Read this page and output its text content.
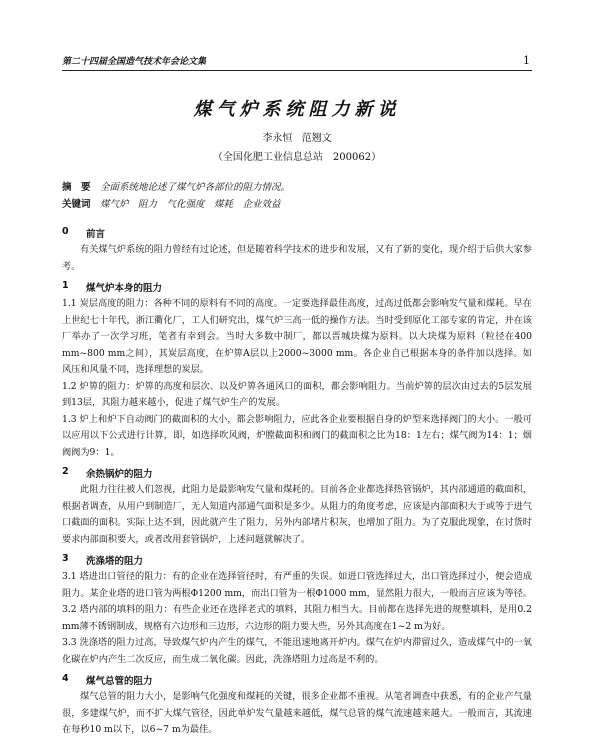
第二十四届全国造气技术年会论文集	1
煤气炉系统阻力新说
李永恒 范翘文
（全国化肥工业信息总站　200062）
摘　要 全面系统地论述了煤气炉各部位的阻力情况。
关键词 煤气炉　阻力　气化强度　煤耗　企业效益
0	前言

有关煤气炉系统的阻力曾经有过论述，但是随着科学技术的进步和发展，又有了新的变化，现介绍于后供大家参考。

1	煤气炉本身的阻力

1.1 炭层高度的阻力：各种不同的原料有不同的高度。一定要选择最佳高度，过高过低都会影响发气量和煤耗。早在上世纪七十年代，浙江衢化厂，工人们研究出，煤气炉三高一低的操作方法。当时受到原化工部专家的肯定，并在该厂举办了一次学习班，笔者有幸到会。当时大多数中制厂，都以晋城块煤为原料。以大块煤为原料（粒径在400 mm~800 mm之间），其炭层高度，在炉箅A层以上2000~3000 mm。各企业自己根据本身的条件加以选择。如风压和风量不同，选择理想的炭层。

1.2 炉箅的阻力：炉箅的高度和层次、以及炉箅各通风口的面积，都会影响阻力。当前炉箅的层次由过去的5层发展到13层，其阻力越来越小，促进了煤气炉生产的发展。

1.3 炉上和炉下自动阀门的截面积的大小，都会影响阻力，应此各企业要根据自身的炉型来选择阀门的大小。一般可以应用以下公式进行计算，即，如选择吹风阀，炉膛截面积和阀门的截面积之比为18：1左右；煤气阀为14：1；烟阀阀为9：1。

2	余热锅炉的阻力

此阻力往往被人们忽视，此阻力是最影响发气量和煤耗的。目前各企业都选择热管锅炉，其内部通道的截面积，根据者调查，从用户到制造厂，无人知道内部通气面积是多少。从阻力的角度考虑，应该是内部面积大于或等于进气口截面的面积。实际上达不到，因此就产生了阻力，另外内部堵片积灰，也增加了阻力。为了克服此现象，在讨货时要求内部面积要大，或者改用套管锅炉，上述问题就解决了。

3	洗涤塔的阻力

3.1 塔进出口管径的阻力：有的企业在选择管径时，有严重的失误。如进口管选择过大，出口管选择过小，便会造成阻力。某企业塔的进口管为两根Φ1200 mm，而出口管为一根Φ1000 mm，显然阻力很大，一般而言应该为等径。

3.2 塔内部的填料的阻力：有些企业还在选择老式的填料，其阻力相当大。目前都在选择先进的规整填料，是用0.2 mm薄不锈钢制成，规格有六边形和三边形，六边形的阻力要大些，另外其高度在1~2 m为好。

3.3 洗涤塔的阻力过高，导致煤气炉内产生的煤气，不能迅速地离开炉内。煤气在炉内滞留过久，造成煤气中的一氧化碳在炉内产生二次反应，而生成二氧化碳。因此，洗涤塔阻力过高是不利的。

4	煤气总管的阻力

煤气总管的阻力大小，是影响气化强度和煤耗的关键，很多企业都不重视。从笔者调查中获悉，有的企业产气量很，多建煤气炉，而不扩大煤气管径，因此单炉发气量越来越低，煤气总管的煤气流速越来越大。一般而言，其流速在每秒10 m以下，以6~7 m为最佳。
